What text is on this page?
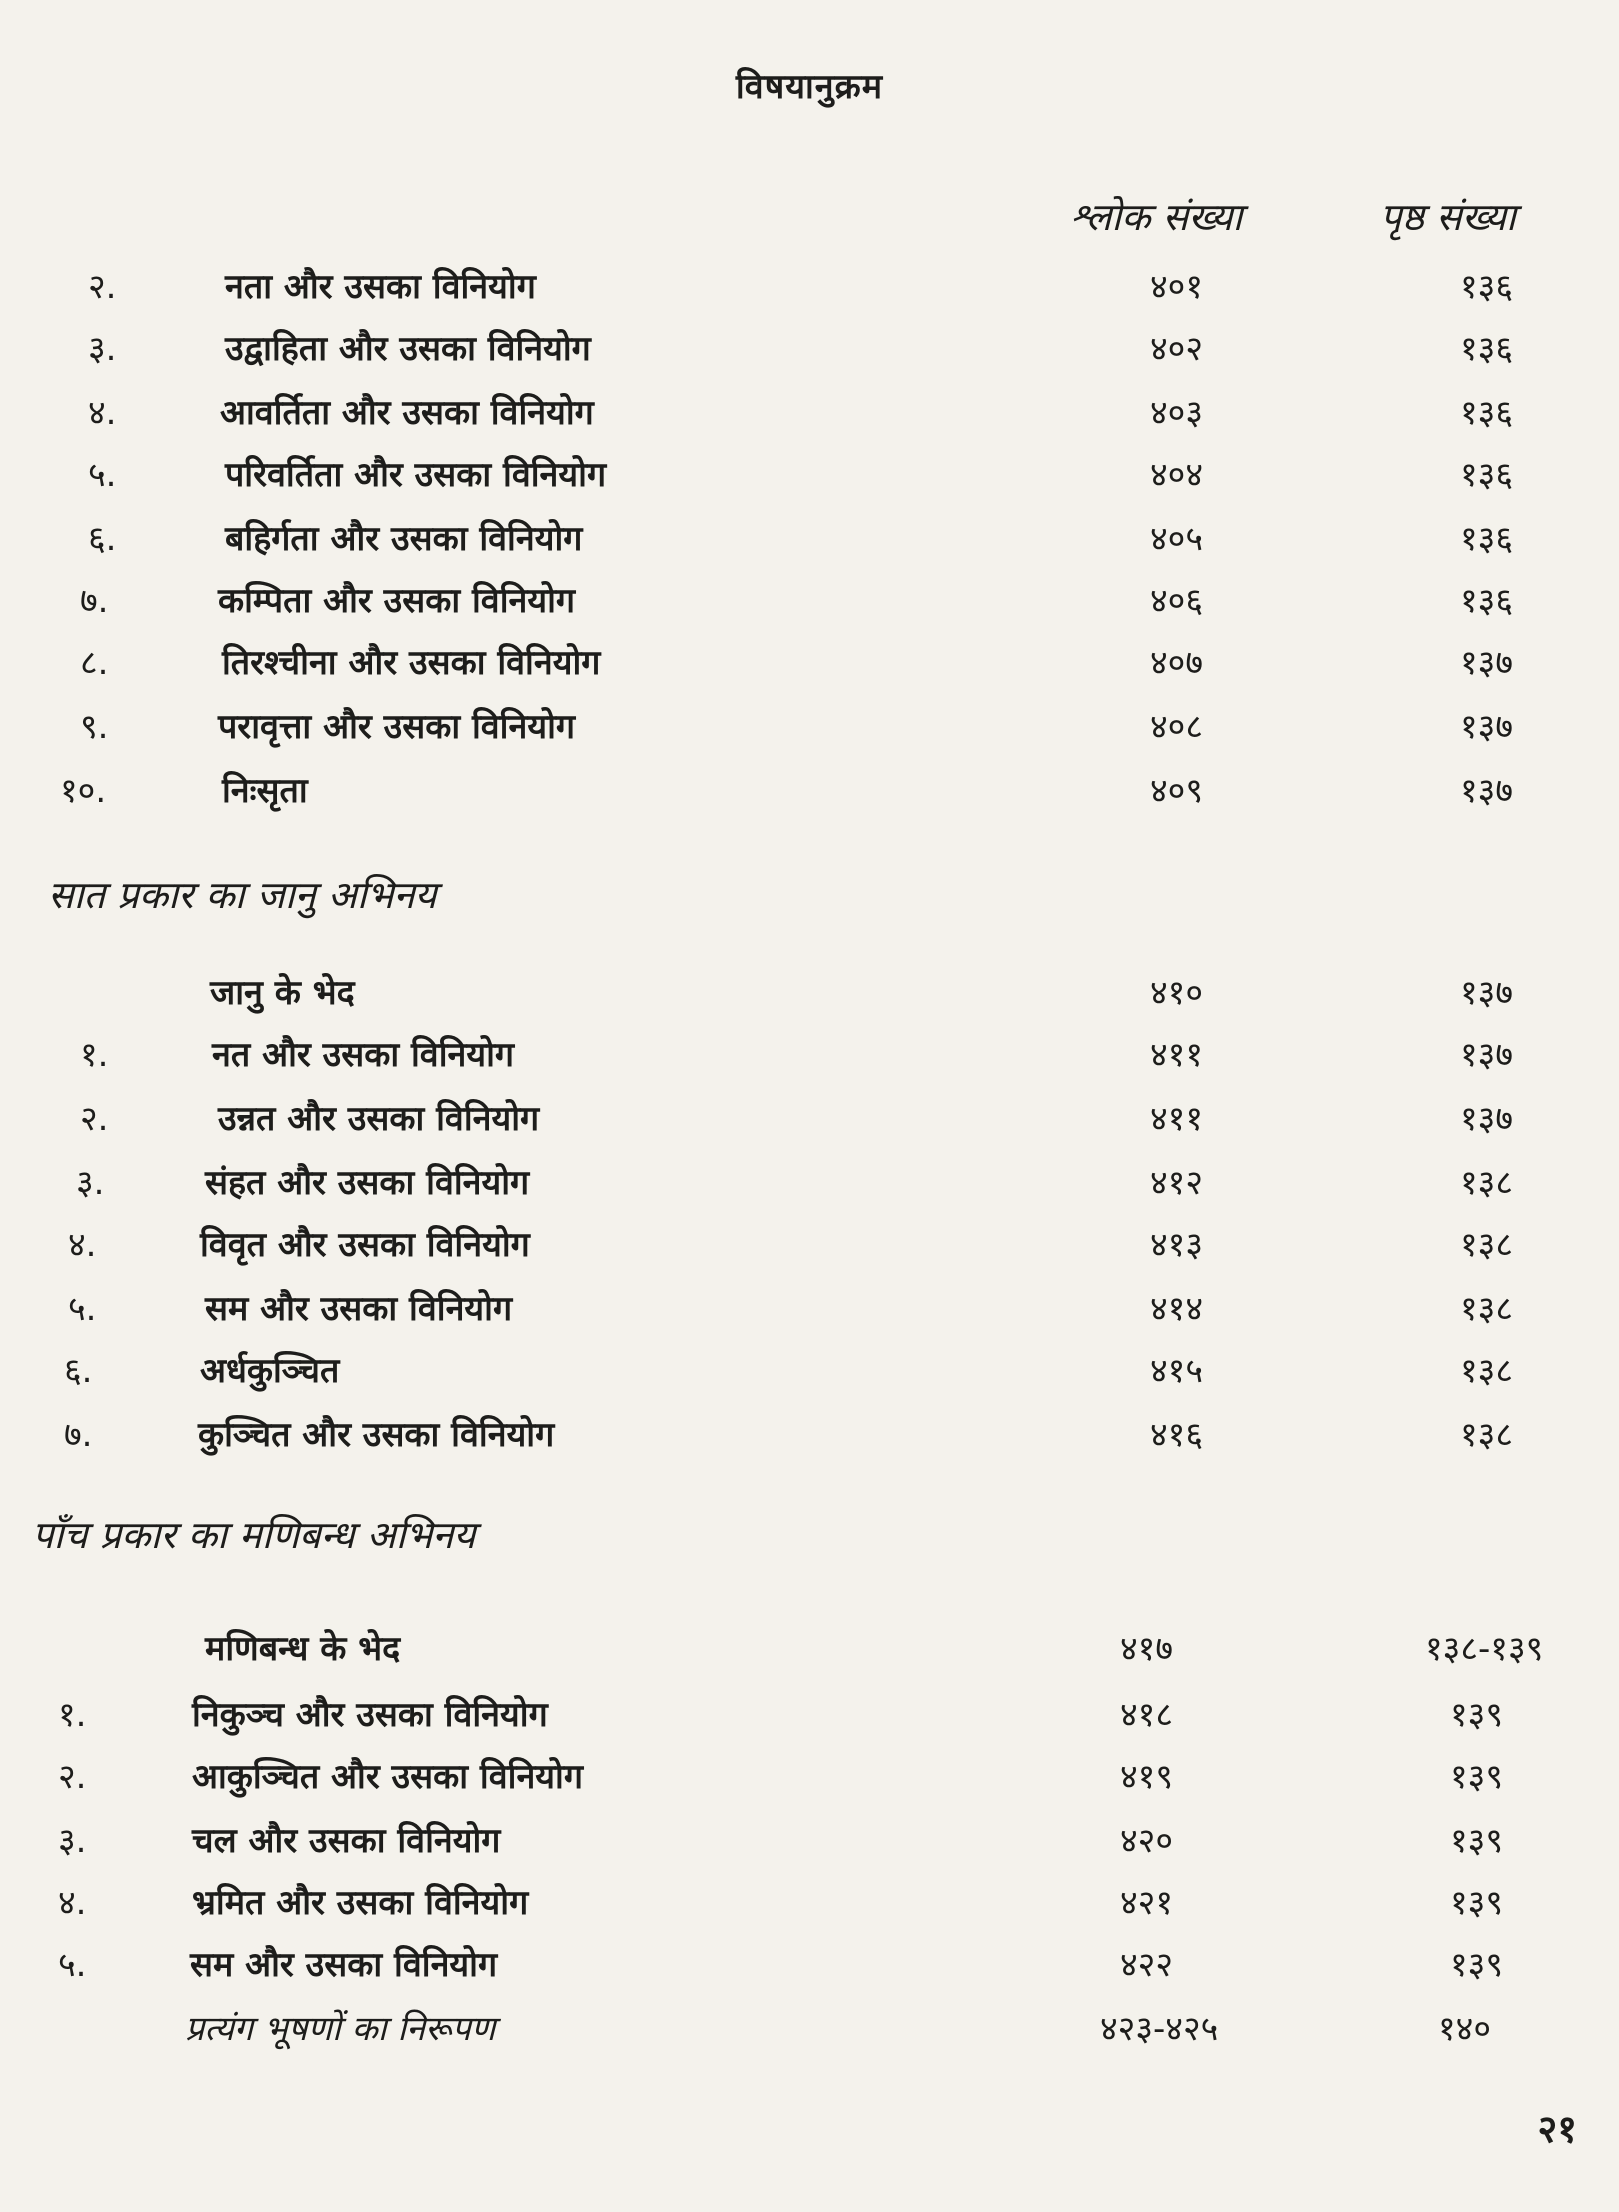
विषयानुक्रम
श्लोक संख्या	पृष्ठ संख्या
२.	नता और उसका विनियोग	४०१	१३६
३.	उद्वाहिता और उसका विनियोग	४०२	१३६
४.	आवर्तिता और उसका विनियोग	४०३	१३६
५.	परिवर्तिता और उसका विनियोग	४०४	१३६
६.	बहिर्गता और उसका विनियोग	४०५	१३६
७.	कम्पिता और उसका विनियोग	४०६	१३६
८.	तिरश्चीना और उसका विनियोग	४०७	१३७
९.	परावृत्ता और उसका विनियोग	४०८	१३७
१०.	निःसृता	४०९	१३७
सात प्रकार का जानु अभिनय
जानु के भेद	४१०	१३७
१.	नत और उसका विनियोग	४११	१३७
२.	उन्नत और उसका विनियोग	४११	१३७
३.	संहत और उसका विनियोग	४१२	१३८
४.	विवृत और उसका विनियोग	४१३	१३८
५.	सम और उसका विनियोग	४१४	१३८
६.	अर्धकुञ्चित	४१५	१३८
७.	कुञ्चित और उसका विनियोग	४१६	१३८
पाँच प्रकार का मणिबन्ध अभिनय
मणिबन्ध के भेद	४१७	१३८-१३९
१.	निकुञ्च और उसका विनियोग	४१८	१३९
२.	आकुञ्चित और उसका विनियोग	४१९	१३९
३.	चल और उसका विनियोग	४२०	१३९
४.	भ्रमित और उसका विनियोग	४२१	१३९
५.	सम और उसका विनियोग	४२२	१३९
प्रत्यंग भूषणों का निरूपण	४२३-४२५	१४०
२१
